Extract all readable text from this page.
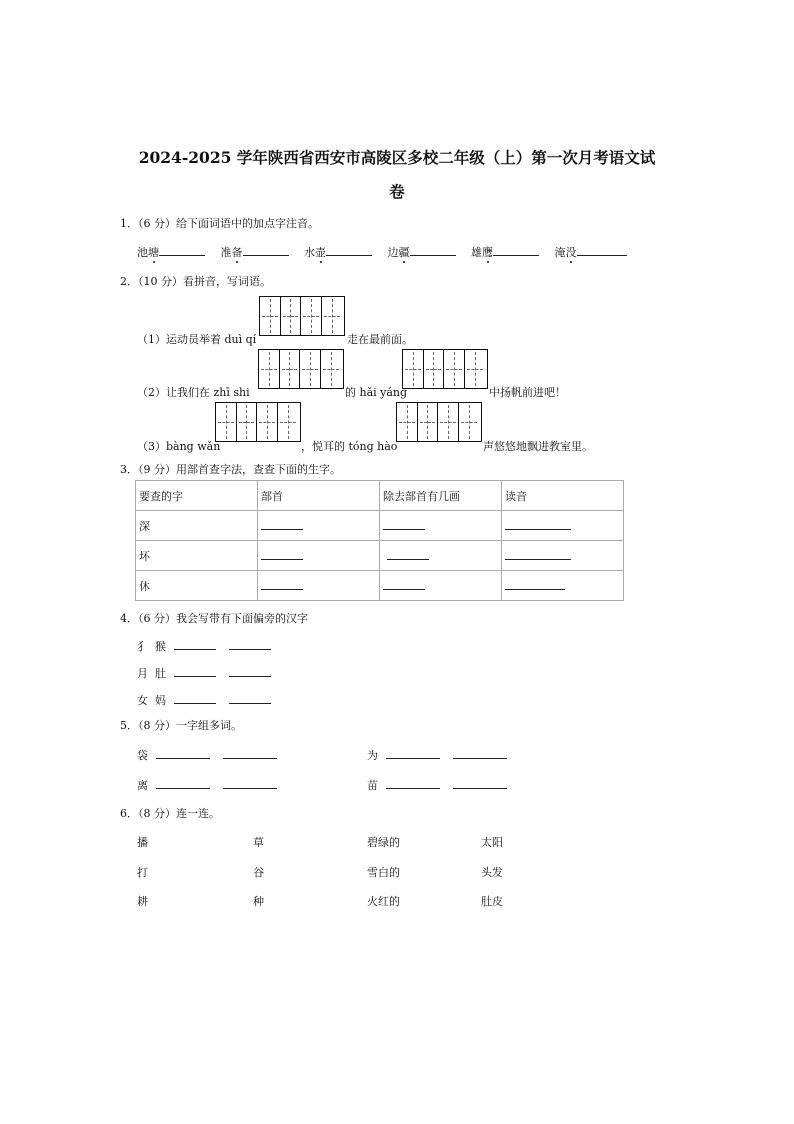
2024-2025 学年陕西省西安市高陵区多校二年级（上）第一次月考语文试
卷
1．（6 分）给下面词语中的加点字注音。
池塘	准备	水壶	边疆	雄鹰	淹没
2．（10 分）看拼音，写词语。
（1）运动员举着 duì qí	走在最前面。
（2）让我们在 zhī shi	的 hǎi yáng	中扬帆前进吧！
（3）bàng wǎn	，悦耳的 tóng hào	声悠悠地飘进教室里。
3．（9 分）用部首查字法，查查下面的生字。
要查的字	部首	除去部首有几画	读音
深			
坏			
休			
4．（6 分）我会写带有下面偏旁的汉字
犭 猴
月 肚
女 妈
5．（8 分）一字组多词。
袋	为
离	苗
6．（8 分）连一连。
播	草	碧绿的	太阳
打	谷	雪白的	头发
耕	种	火红的	肚皮
